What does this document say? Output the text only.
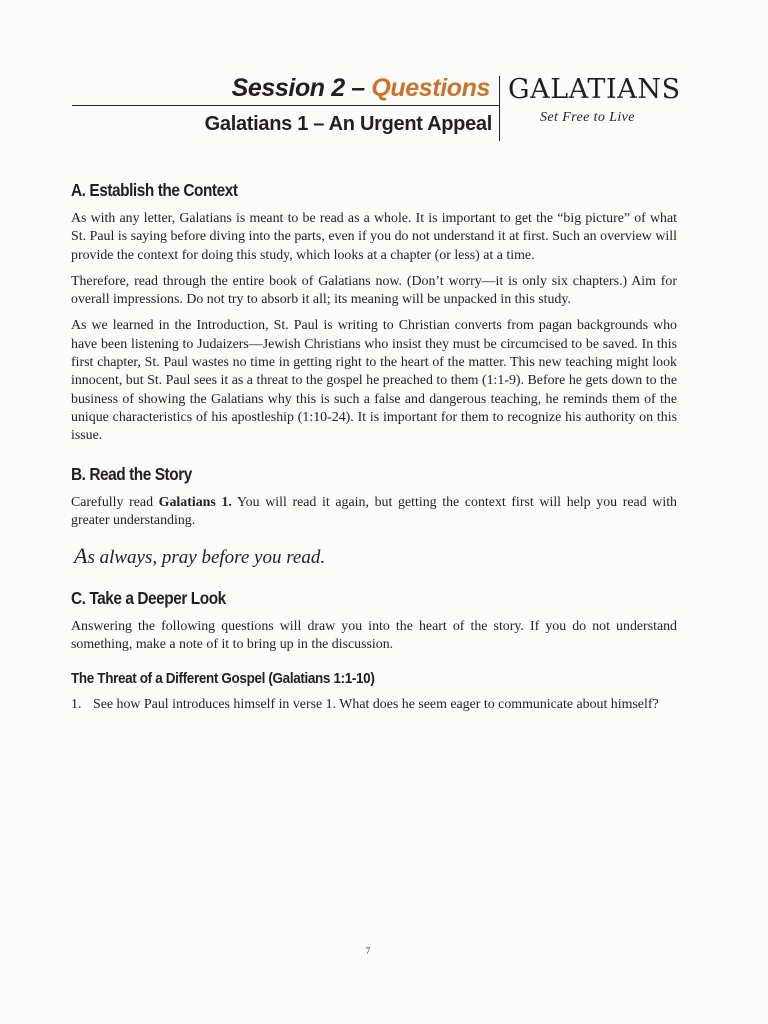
Session 2 – Questions
Galatians 1 – An Urgent Appeal
GALATIANS
Set Free to Live
A. Establish the Context

As with any letter, Galatians is meant to be read as a whole. It is important to get the “big picture” of what St. Paul is saying before diving into the parts, even if you do not understand it at first. Such an overview will provide the context for doing this study, which looks at a chapter (or less) at a time.

Therefore, read through the entire book of Galatians now. (Don’t worry—it is only six chapters.) Aim for overall impressions. Do not try to absorb it all; its meaning will be unpacked in this study.

As we learned in the Introduction, St. Paul is writing to Christian converts from pagan backgrounds who have been listening to Judaizers—Jewish Christians who insist they must be circumcised to be saved. In this first chapter, St. Paul wastes no time in getting right to the heart of the matter. This new teaching might look innocent, but St. Paul sees it as a threat to the gospel he preached to them (1:1-9). Before he gets down to the business of showing the Galatians why this is such a false and dangerous teaching, he reminds them of the unique characteristics of his apostleship (1:10-24). It is important for them to recognize his authority on this issue.

B. Read the Story

Carefully read Galatians 1. You will read it again, but getting the context first will help you read with greater understanding.

As always, pray before you read.
C. Take a Deeper Look

Answering the following questions will draw you into the heart of the story. If you do not understand something, make a note of it to bring up in the discussion.

The Threat of a Different Gospel (Galatians 1:1-10)
1. See how Paul introduces himself in verse 1. What does he seem eager to communicate about himself?
7
